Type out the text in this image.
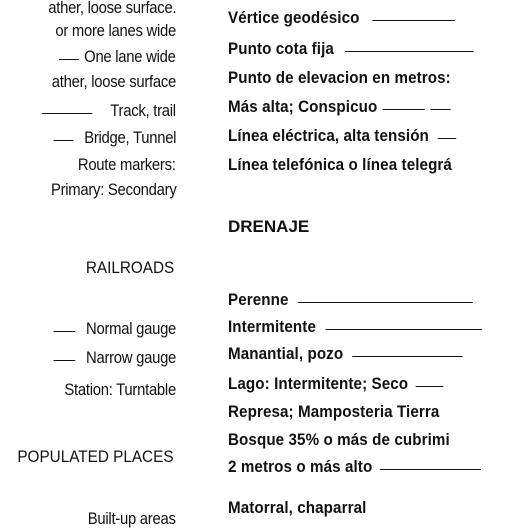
ather, loose surface.
or more lanes wide
One lane wide
ather, loose surface
Track, trail
Bridge, Tunnel
Route markers:
Primary: Secondary
RAILROADS
Normal gauge
Narrow gauge
Station: Turntable
POPULATED PLACES
Built-up areas
Vértice geodésico
Punto cota fija
Punto de elevacion en metros:
Más alta; Conspicuo
Línea eléctrica, alta tensión
Línea telefónica o línea telegrá
DRENAJE
Perenne
Intermitente
Manantial, pozo
Lago: Intermitente; Seco
Represa; Mamposteria Tierra
Bosque 35% o más de cubrimi
2 metros o más alto
Matorral, chaparral
